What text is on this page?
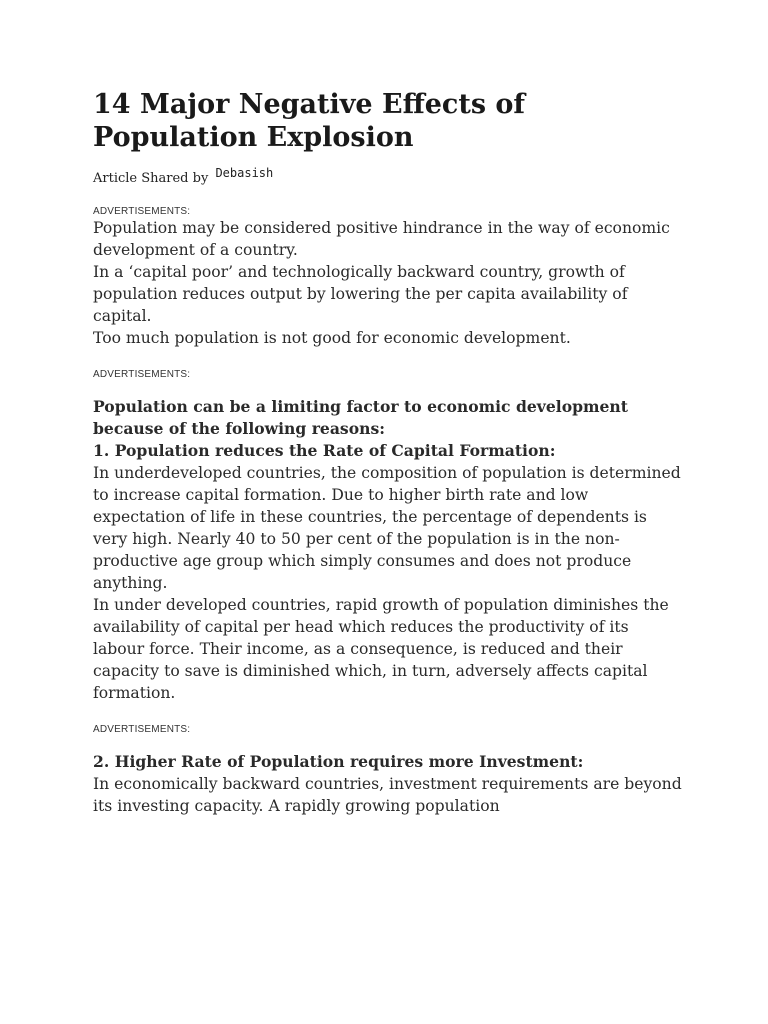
14 Major Negative Effects of Population Explosion
Article Shared by Debasish
ADVERTISEMENTS:

Population may be considered positive hindrance in the way of economic development of a country.

In a ‘capital poor’ and technologically backward country, growth of population reduces output by lowering the per capita availability of capital.

Too much population is not good for economic development.

ADVERTISEMENTS:
Population can be a limiting factor to economic development because of the following reasons:
1. Population reduces the Rate of Capital Formation:

In underdeveloped countries, the composition of population is determined to increase capital formation. Due to higher birth rate and low expectation of life in these countries, the percentage of dependents is very high. Nearly 40 to 50 per cent of the population is in the non-productive age group which simply consumes and does not produce anything.

In under developed countries, rapid growth of population diminishes the availability of capital per head which reduces the productivity of its labour force. Their income, as a consequence, is reduced and their capacity to save is diminished which, in turn, adversely affects capital formation.

ADVERTISEMENTS:
2. Higher Rate of Population requires more Investment:

In economically backward countries, investment requirements are beyond its investing capacity. A rapidly growing population
